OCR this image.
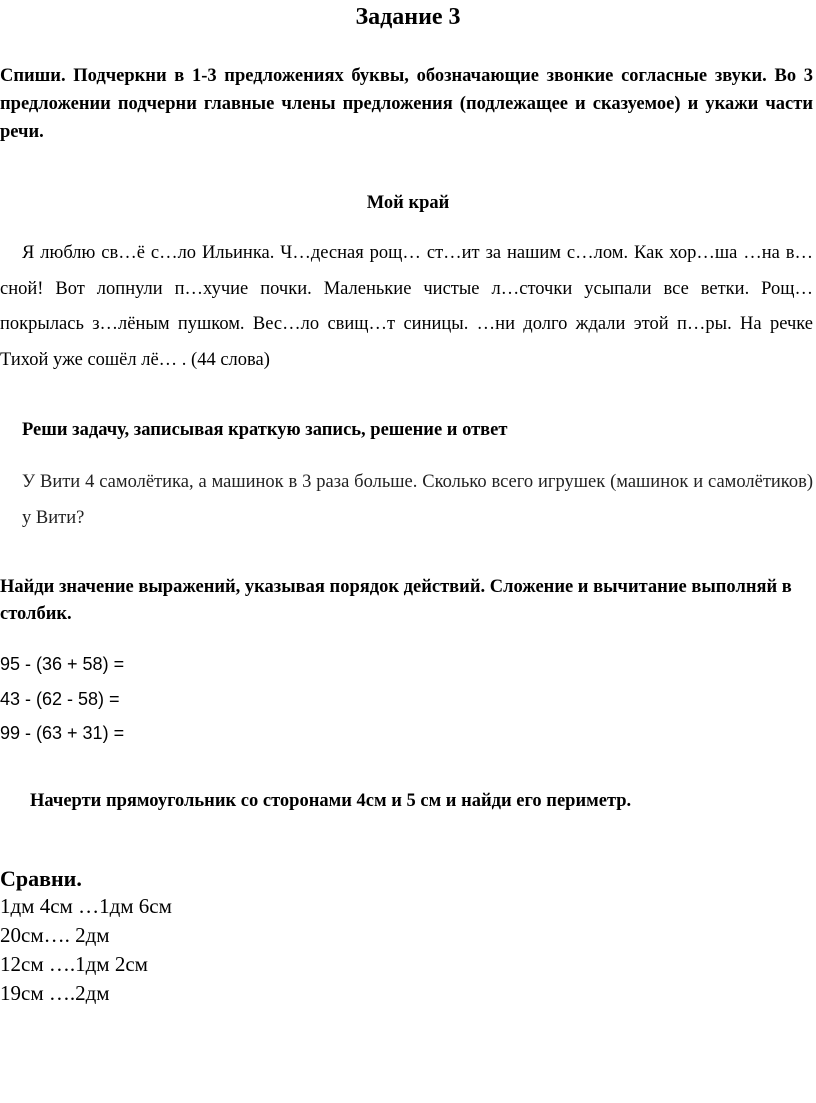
Задание 3

Спиши. Подчеркни в 1-3 предложениях буквы, обозначающие звонкие согласные звуки. Во 3 предложении подчерни главные члены предложения (подлежащее и сказуемое) и укажи части речи.

Мой край

Я люблю св…ё с…ло Ильинка. Ч…десная рощ… ст…ит за нашим с…лом. Как хор…ша …на в…сной! Вот лопнули п…хучие почки. Маленькие чистые л…сточки усыпали все ветки. Рощ… покрылась з…лёным пушком. Вес…ло свищ…т синицы. …ни долго ждали этой п…ры. На речке Тихой уже сошёл лё… . (44 слова)

Реши задачу, записывая краткую запись, решение и ответ

У Вити 4 самолётика, а машинок в 3 раза больше. Сколько всего игрушек (машинок и самолётиков) у Вити?

Найди значение выражений, указывая порядок действий. Сложение и вычитание выполняй в столбик.
95 - (36 + 58) =
43 - (62 - 58) =
99 - (63 + 31) =

Начерти прямоугольник со сторонами 4см и 5 см и найди его периметр.

Сравни.
1дм 4см …1дм 6см
20см…. 2дм
12см ….1дм 2см
19см ….2дм
